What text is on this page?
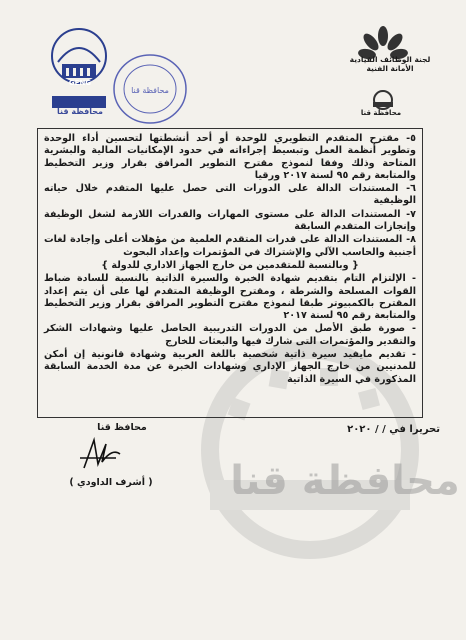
محافظة قنا
GENG
محافظة قنا
محافظة قنا
لجنة الوظائف القيادية
الأمانة الفنية
محافظة قنا

٥- مقترح المتقدم التطويري للوحدة أو أحد أنشطتها لتحسين أداء الوحدة وتطوير أنظمة العمل وتبسيط إجراءاته في حدود الإمكانيات المالية والبشرية المتاحة وذلك وفقا لنموذج مقترح التطوير المرافق بقرار وزير التخطيط والمتابعة رقم ٩٥ لسنة ٢٠١٧ ورقيا

٦- المستندات الدالة على الدورات التى حصل عليها المتقدم خلال حياته الوظيفية

٧- المستندات الدالة على مستوى المهارات والقدرات اللازمة لشغل الوظيفة وإنجازات المتقدم السابقة

٨- المستندات الدالة على قدرات المتقدم العلمية من مؤهلات أعلى وإجادة لغات أجنبية والحاسب الآلي والإشتراك في المؤتمرات وإعداد البحوث

{ وبالنسبة للمتقدمين من خارج الجهاز الاداري للدولة }

- الإلتزام التام بتقديم شهادة الخبرة والسيرة الذاتية بالنسبة للسادة ضباط القوات المسلحة والشرطة ، ومقترح الوظيفة المتقدم لها على أن يتم إعداد المقترح بالكمبيوتر طبقا لنموذج مقترح التطوير المرافق بقرار وزير التخطيط والمتابعة رقم ٩٥ لسنة ٢٠١٧

- صورة طبق الأصل من الدورات التدريبية الحاصل عليها وشهادات الشكر والتقدير والمؤتمرات التى شارك فيها والبعثات للخارج

- تقديم مايفيد سيرة ذاتية شخصية باللغة العربية وشهادة قانونية إن أمكن للمدنيين من خارج الجهاز الإداري وشهادات الخبرة عن مدة الخدمة السابقة المذكورة في السيرة الذاتية

تحريرا في / / ٢٠٢٠
محافظ قنا
( أشرف الداودي )
